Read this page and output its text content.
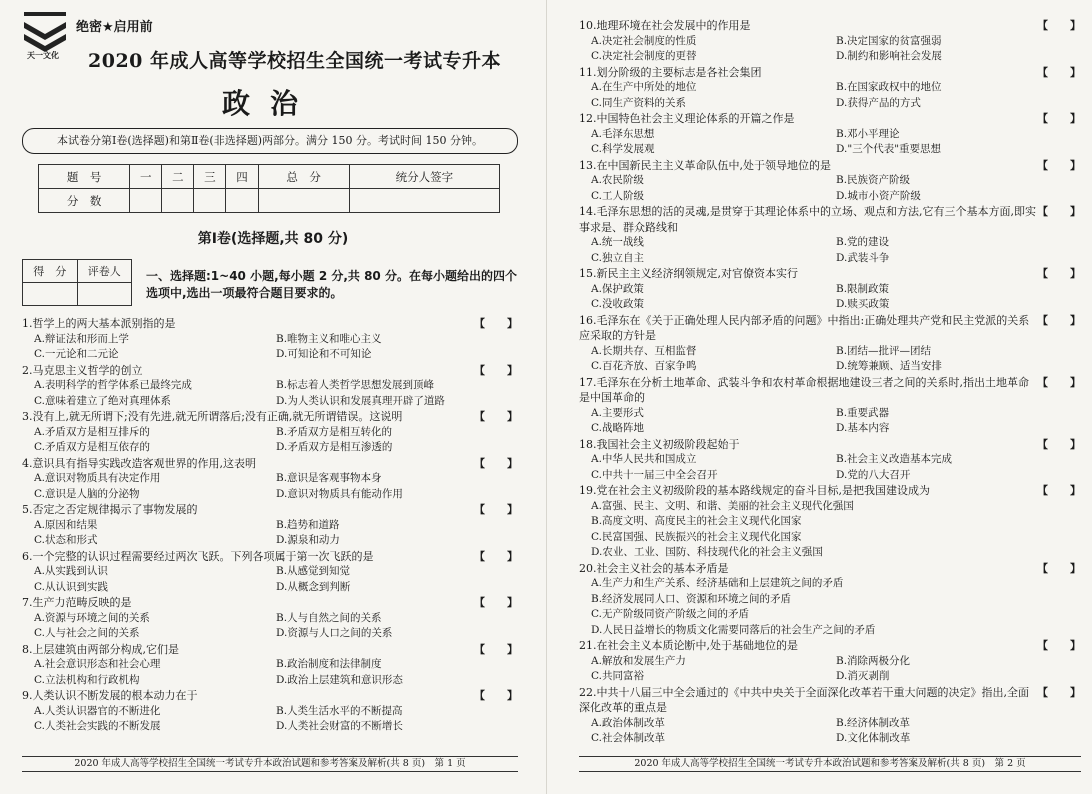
天一文化
绝密★启用前
2020 年成人高等学校招生全国统一考试专升本
政治
本试卷分第Ⅰ卷(选择题)和第Ⅱ卷(非选择题)两部分。满分 150 分。考试时间 150 分钟。
题　号	一	二	三	四	总　分	统分人签字
分　数						
第Ⅰ卷(选择题,共 80 分)
得　分	评卷人
	一、选择题:1~40 小题,每小题 2 分,共 80 分。在每小题给出的四个选项中,选出一项最符合题目要求的。
1.哲学上的两大基本派别指的是	【　　】
A.辩证法和形而上学	B.唯物主义和唯心主义
C.一元论和二元论	D.可知论和不可知论
2.马克思主义哲学的创立	【　　】
A.表明科学的哲学体系已最终完成	B.标志着人类哲学思想发展到顶峰
C.意味着建立了绝对真理体系	D.为人类认识和发展真理开辟了道路
3.没有上,就无所谓下;没有先进,就无所谓落后;没有正确,就无所谓错误。这说明	【　　】
A.矛盾双方是相互排斥的	B.矛盾双方是相互转化的
C.矛盾双方是相互依存的	D.矛盾双方是相互渗透的
4.意识具有指导实践改造客观世界的作用,这表明	【　　】
A.意识对物质具有决定作用	B.意识是客观事物本身
C.意识是人脑的分泌物	D.意识对物质具有能动作用
5.否定之否定规律揭示了事物发展的	【　　】
A.原因和结果	B.趋势和道路
C.状态和形式	D.源泉和动力
6.一个完整的认识过程需要经过两次飞跃。下列各项属于第一次飞跃的是	【　　】
A.从实践到认识	B.从感觉到知觉
C.从认识到实践	D.从概念到判断
7.生产力范畴反映的是	【　　】
A.资源与环境之间的关系	B.人与自然之间的关系
C.人与社会之间的关系	D.资源与人口之间的关系
8.上层建筑由两部分构成,它们是	【　　】
A.社会意识形态和社会心理	B.政治制度和法律制度
C.立法机构和行政机构	D.政治上层建筑和意识形态
9.人类认识不断发展的根本动力在于	【　　】
A.人类认识器官的不断进化	B.人类生活水平的不断提高
C.人类社会实践的不断发展	D.人类社会财富的不断增长
2020 年成人高等学校招生全国统一考试专升本政治试题和参考答案及解析(共 8 页)　第 1 页
10.地理环境在社会发展中的作用是	【　　】
A.决定社会制度的性质	B.决定国家的贫富强弱
C.决定社会制度的更替	D.制约和影响社会发展
11.划分阶级的主要标志是各社会集团	【　　】
A.在生产中所处的地位	B.在国家政权中的地位
C.同生产资料的关系	D.获得产品的方式
12.中国特色社会主义理论体系的开篇之作是	【　　】
A.毛泽东思想	B.邓小平理论
C.科学发展观	D."三个代表"重要思想
13.在中国新民主主义革命队伍中,处于领导地位的是	【　　】
A.农民阶级	B.民族资产阶级
C.工人阶级	D.城市小资产阶级
14.毛泽东思想的活的灵魂,是贯穿于其理论体系中的立场、观点和方法,它有三个基本方面,即实事求是、群众路线和
【　　】
A.统一战线	B.党的建设
C.独立自主	D.武装斗争
15.新民主主义经济纲领规定,对官僚资本实行	【　　】
A.保护政策	B.限制政策
C.没收政策	D.赎买政策
16.毛泽东在《关于正确处理人民内部矛盾的问题》中指出:正确处理共产党和民主党派的关系应采取的方针是
【　　】
A.长期共存、互相监督	B.团结—批评—团结
C.百花齐放、百家争鸣	D.统筹兼顾、适当安排
17.毛泽东在分析土地革命、武装斗争和农村革命根据地建设三者之间的关系时,指出土地革命是中国革命的
【　　】
A.主要形式	B.重要武器
C.战略阵地	D.基本内容
18.我国社会主义初级阶段起始于	【　　】
A.中华人民共和国成立	B.社会主义改造基本完成
C.中共十一届三中全会召开	D.党的八大召开
19.党在社会主义初级阶段的基本路线规定的奋斗目标,是把我国建设成为	【　　】
A.富强、民主、文明、和谐、美丽的社会主义现代化强国
B.高度文明、高度民主的社会主义现代化国家
C.民富国强、民族振兴的社会主义现代化国家
D.农业、工业、国防、科技现代化的社会主义强国
20.社会主义社会的基本矛盾是	【　　】
A.生产力和生产关系、经济基础和上层建筑之间的矛盾
B.经济发展同人口、资源和环境之间的矛盾
C.无产阶级同资产阶级之间的矛盾
D.人民日益增长的物质文化需要同落后的社会生产之间的矛盾
21.在社会主义本质论断中,处于基础地位的是	【　　】
A.解放和发展生产力	B.消除两极分化
C.共同富裕	D.消灭剥削
22.中共十八届三中全会通过的《中共中央关于全面深化改革若干重大问题的决定》指出,全面深化改革的重点是
【　　】
A.政治体制改革	B.经济体制改革
C.社会体制改革	D.文化体制改革
2020 年成人高等学校招生全国统一考试专升本政治试题和参考答案及解析(共 8 页)　第 2 页
